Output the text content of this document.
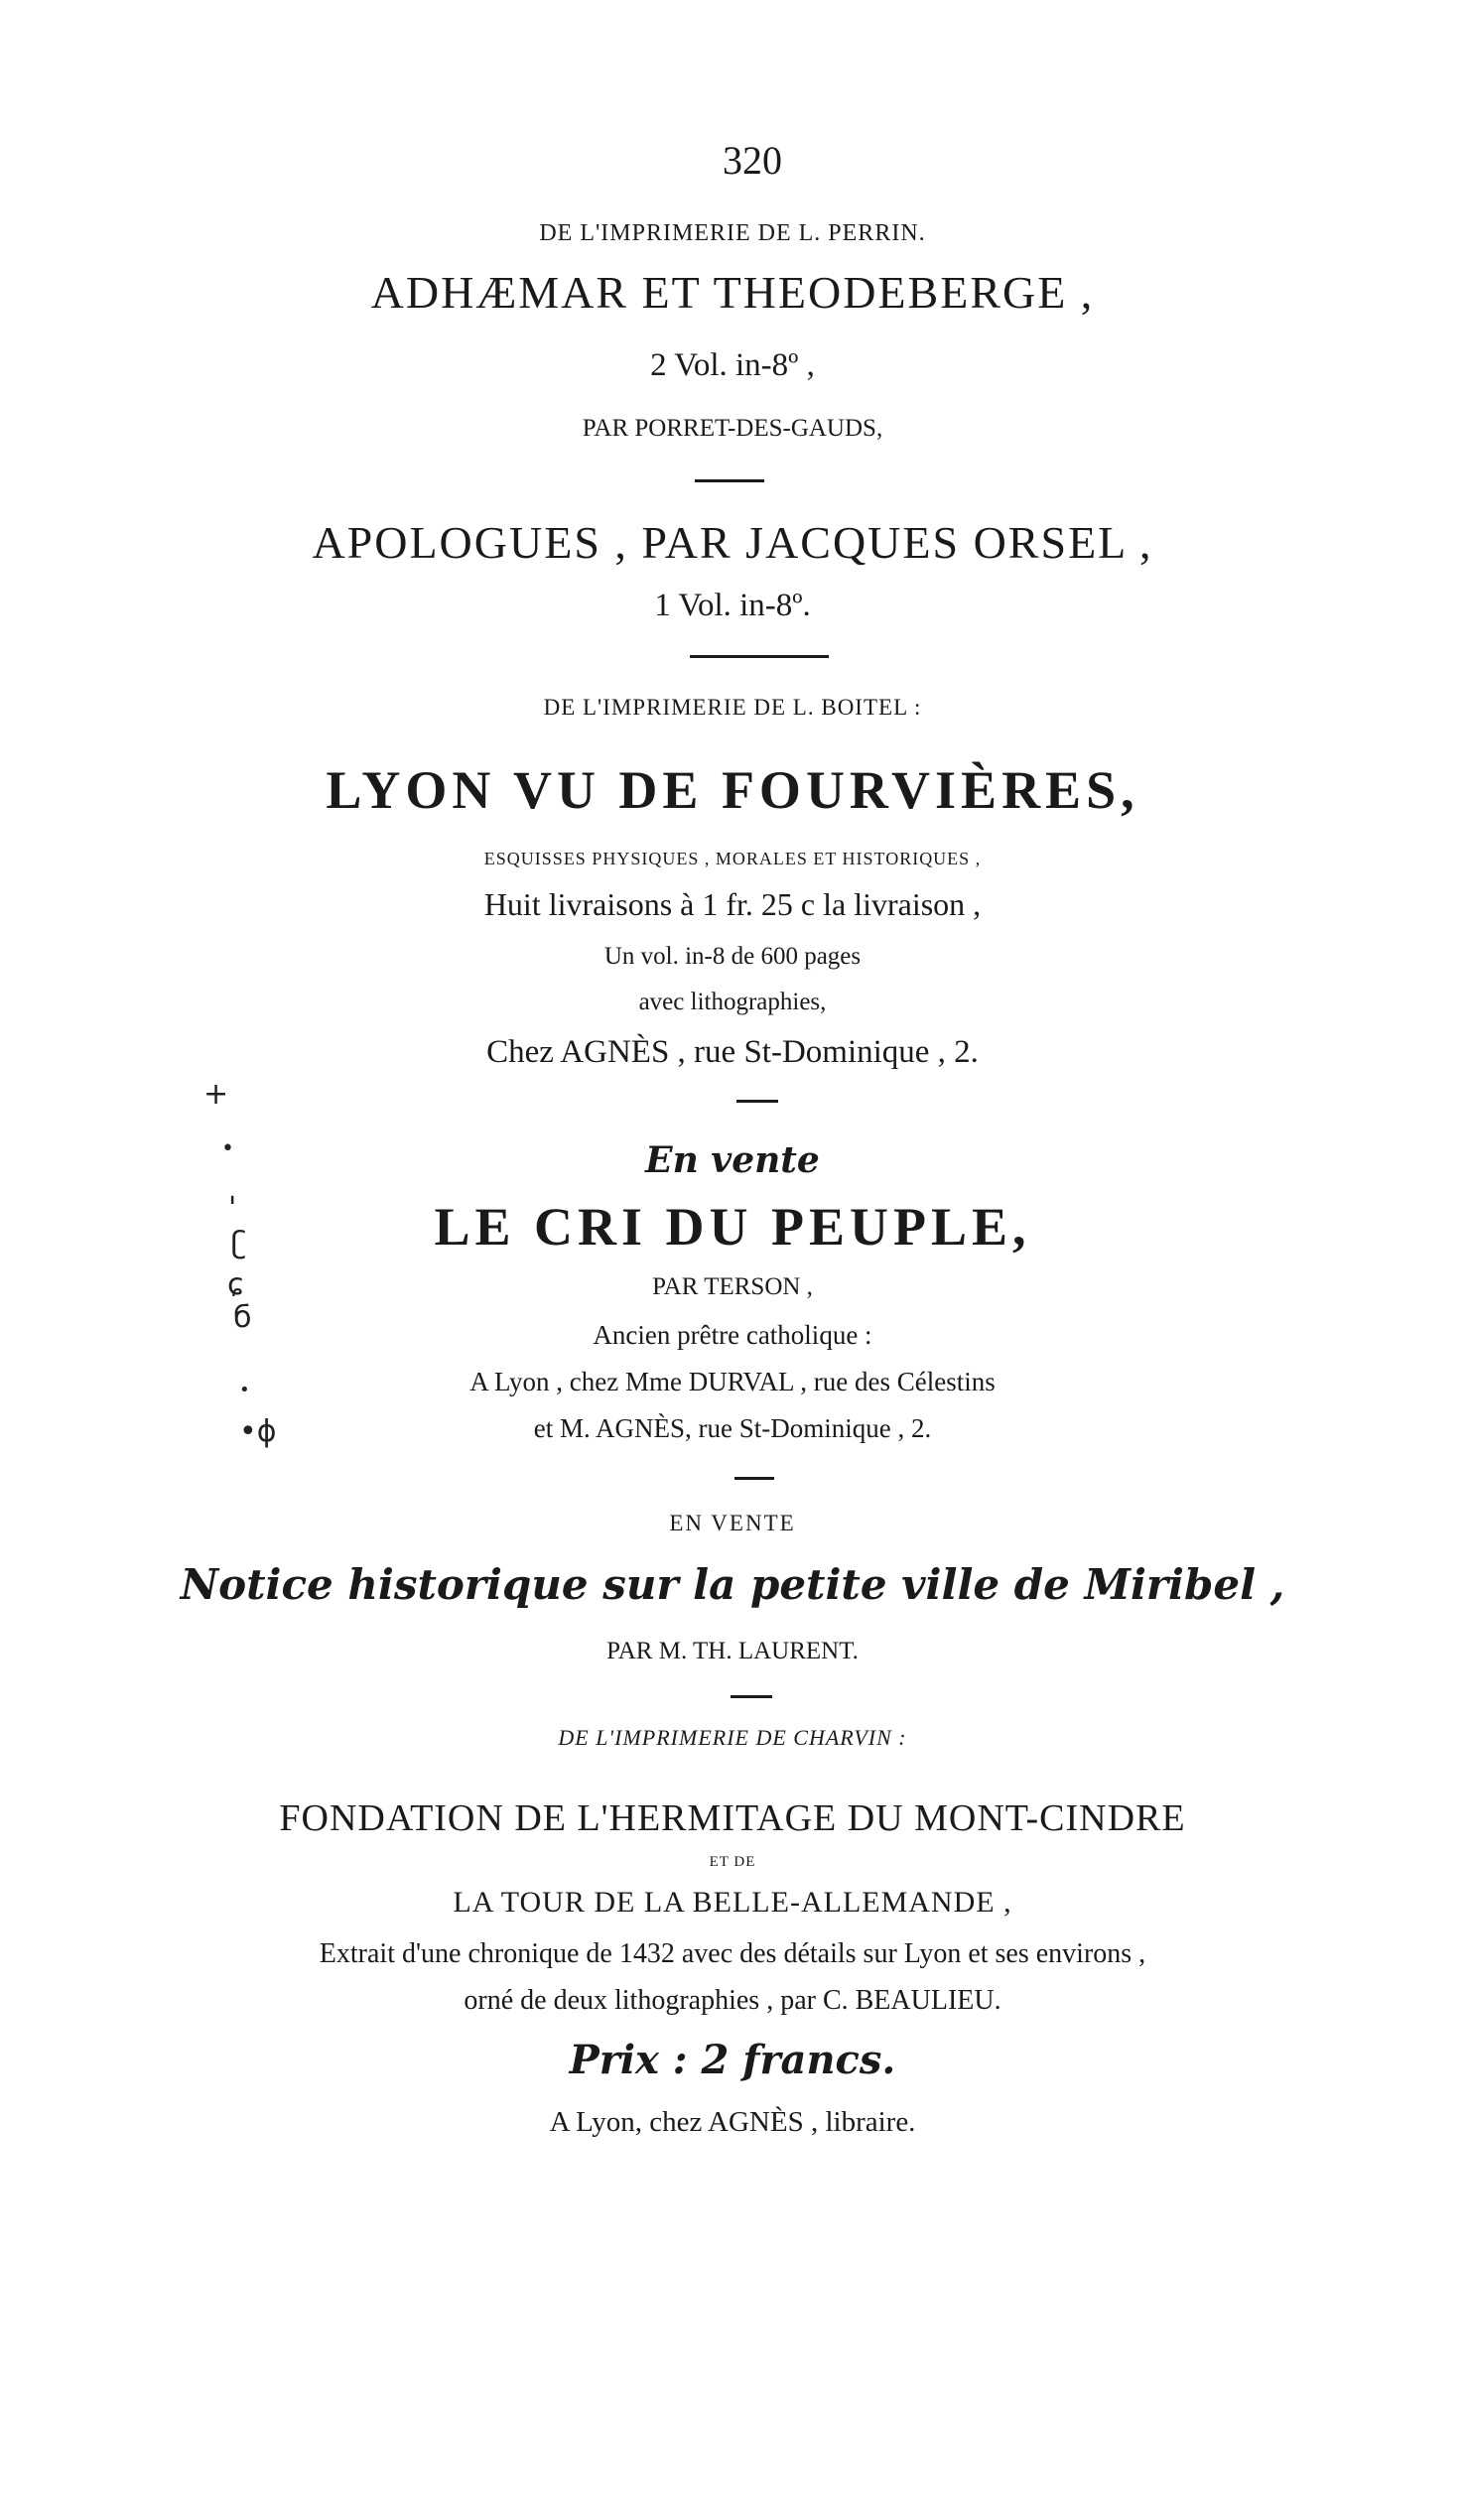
320
DE L'IMPRIMERIE DE L. PERRIN.
ADHÆMAR ET THEODEBERGE ,
2 Vol. in-8º ,
PAR PORRET-DES-GAUDS,
APOLOGUES , PAR JACQUES ORSEL ,
1 Vol. in-8º.
DE L'IMPRIMERIE DE L. BOITEL :
LYON VU DE FOURVIÈRES,
ESQUISSES PHYSIQUES , MORALES ET HISTORIQUES ,
Huit livraisons à 1 fr. 25 c la livraison ,
Un vol. in-8 de 600 pages
avec lithographies,
Chez AGNÈS , rue St-Dominique , 2.
En vente
LE CRI DU PEUPLE,
PAR TERSON ,
Ancien prêtre catholique :
A Lyon , chez Mme DURVAL , rue des Célestins
et M. AGNÈS, rue St-Dominique , 2.
EN VENTE
Notice historique sur la petite ville de Miribel ,
PAR M. TH. LAURENT.
DE L'IMPRIMERIE DE CHARVIN :
FONDATION DE L'HERMITAGE DU MONT-CINDRE
ET DE
LA TOUR DE LA BELLE-ALLEMANDE ,
Extrait d'une chronique de 1432 avec des détails sur Lyon et ses environs ,
orné de deux lithographies , par C. BEAULIEU.
Prix : 2 francs.
A Lyon, chez AGNÈS , libraire.
+
•
'
ʗ
ɕ
б
•
•ɸ
